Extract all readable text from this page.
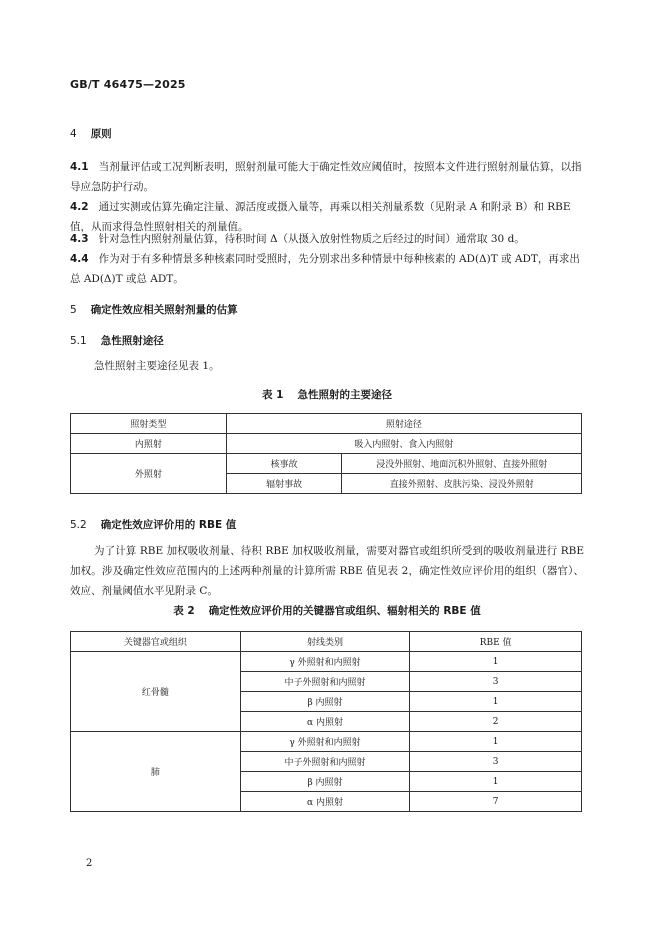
GB/T 46475—2025
4 原则
4.1 当剂量评估或工况判断表明，照射剂量可能大于确定性效应阈值时，按照本文件进行照射剂量估算，以指导应急防护行动。
4.2 通过实测或估算先确定注量、源活度或摄入量等，再乘以相关剂量系数（见附录 A 和附录 B）和 RBE 值，从而求得急性照射相关的剂量值。
4.3 针对急性内照射剂量估算，待积时间 Δ（从摄入放射性物质之后经过的时间）通常取 30 d。
4.4 作为对于有多种情景多种核素同时受照时，先分别求出多种情景中每种核素的 AD(Δ)T 或 ADT，再求出总 AD(Δ)T 或总 ADT。
5 确定性效应相关照射剂量的估算
5.1 急性照射途径
急性照射主要途径见表 1。
表 1 急性照射的主要途径
照射类型	照射途径	
内照射	吸入内照射、食入内照射	
外照射	核事故	浸没外照射、地面沉积外照射、直接外照射
	辐射事故	直接外照射、皮肤污染、浸没外照射
5.2 确定性效应评价用的 RBE 值
为了计算 RBE 加权吸收剂量、待积 RBE 加权吸收剂量，需要对器官或组织所受到的吸收剂量进行 RBE 加权。涉及确定性效应范围内的上述两种剂量的计算所需 RBE 值见表 2，确定性效应评价用的组织（器官）、效应、剂量阈值水平见附录 C。
表 2 确定性效应评价用的关键器官或组织、辐射相关的 RBE 值
关键器官或组织	射线类别	RBE 值
红骨髓	γ 外照射和内照射	1
	中子外照射和内照射	3
	β 内照射	1
	α 内照射	2
肺	γ 外照射和内照射	1
	中子外照射和内照射	3
	β 内照射	1
	α 内照射	7
2
